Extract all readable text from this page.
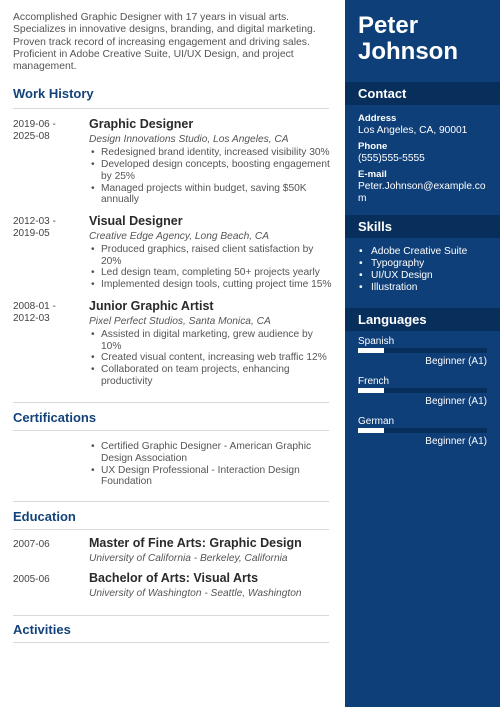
Accomplished Graphic Designer with 17 years in visual arts. Specializes in innovative designs, branding, and digital marketing. Proven track record of increasing engagement and driving sales. Proficient in Adobe Creative Suite, UI/UX Design, and project management.

Work History
2019-06 -
2025-08
Graphic Designer
Design Innovations Studio, Los Angeles, CA
• Redesigned brand identity, increased visibility 30%
• Developed design concepts, boosting engagement by 25%
• Managed projects within budget, saving $50K annually
2012-03 -
2019-05
Visual Designer
Creative Edge Agency, Long Beach, CA
• Produced graphics, raised client satisfaction by 20%
• Led design team, completing 50+ projects yearly
• Implemented design tools, cutting project time 15%
2008-01 -
2012-03
Junior Graphic Artist
Pixel Perfect Studios, Santa Monica, CA
• Assisted in digital marketing, grew audience by 10%
• Created visual content, increasing web traffic 12%
• Collaborated on team projects, enhancing productivity
Certifications
• Certified Graphic Designer - American Graphic Design Association
• UX Design Professional - Interaction Design Foundation
Education
2007-06	Master of Fine Arts: Graphic Design
University of California - Berkeley, California
2005-06	Bachelor of Arts: Visual Arts
University of Washington - Seattle, Washington
Activities
Peter
Johnson
Contact
Address
Los Angeles, CA, 90001
Phone
(555)555-5555
E-mail
Peter.Johnson@example.com
Skills
• Adobe Creative Suite
• Typography
• UI/UX Design
• Illustration
Languages
Spanish
Beginner (A1)
French
Beginner (A1)
German
Beginner (A1)
